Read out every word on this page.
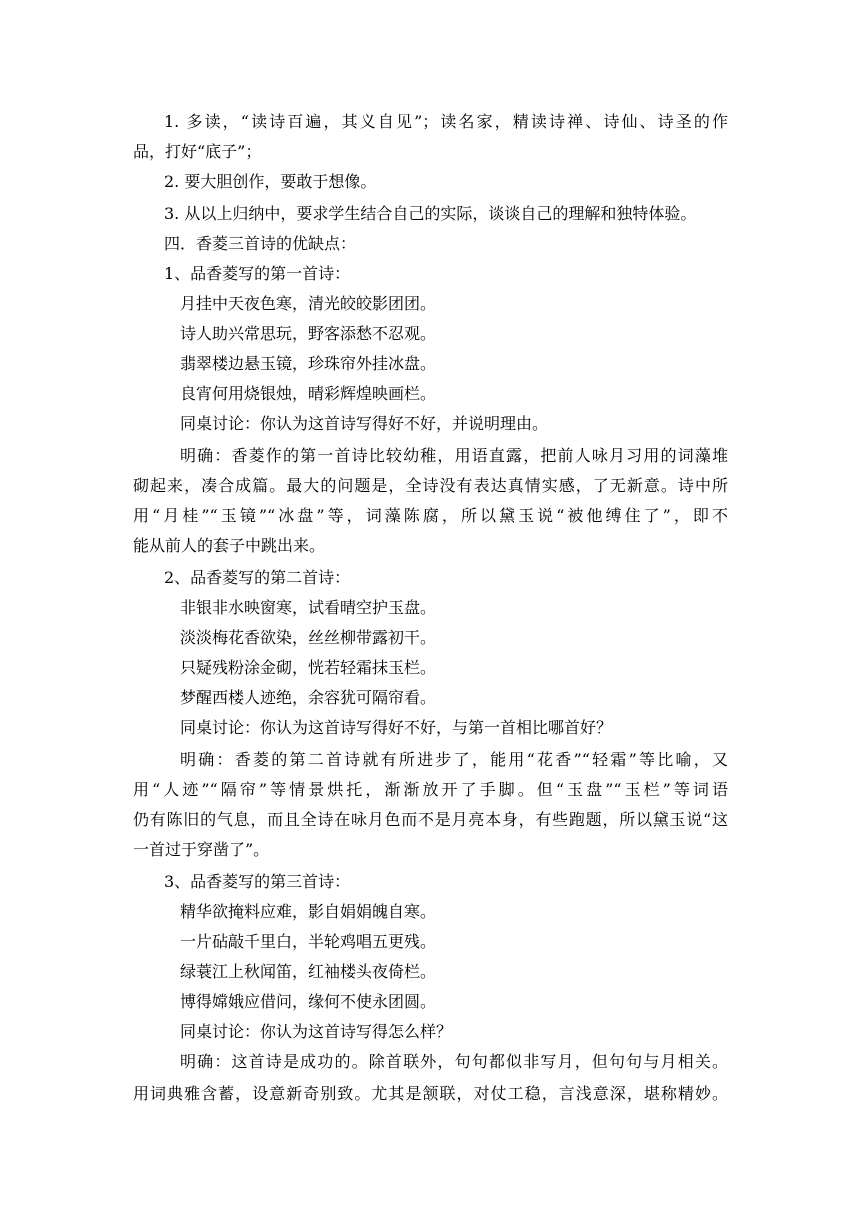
1. 多读，“读诗百遍，其义自见”；读名家，精读诗禅、诗仙、诗圣的作
品，打好“底子”；
2. 要大胆创作，要敢于想像。
3. 从以上归纳中，要求学生结合自己的实际，谈谈自己的理解和独特体验。
四．香菱三首诗的优缺点：
1、品香菱写的第一首诗：
月挂中天夜色寒，清光皎皎影团团。
诗人助兴常思玩，野客添愁不忍观。
翡翠楼边悬玉镜，珍珠帘外挂冰盘。
良宵何用烧银烛，晴彩辉煌映画栏。
同桌讨论：你认为这首诗写得好不好，并说明理由。
明确：香菱作的第一首诗比较幼稚，用语直露，把前人咏月习用的词藻堆
砌起来，凑合成篇。最大的问题是，全诗没有表达真情实感，了无新意。诗中所
用“月桂”“玉镜”“冰盘”等，词藻陈腐，所以黛玉说“被他缚住了”，即不
能从前人的套子中跳出来。
2、品香菱写的第二首诗：
非银非水映窗寒，试看晴空护玉盘。
淡淡梅花香欲染，丝丝柳带露初干。
只疑残粉涂金砌，恍若轻霜抹玉栏。
梦醒西楼人迹绝，余容犹可隔帘看。
同桌讨论：你认为这首诗写得好不好，与第一首相比哪首好？
明确：香菱的第二首诗就有所进步了，能用“花香”“轻霜”等比喻，又
用“人迹”“隔帘”等情景烘托，渐渐放开了手脚。但“玉盘”“玉栏”等词语
仍有陈旧的气息，而且全诗在咏月色而不是月亮本身，有些跑题，所以黛玉说“这
一首过于穿凿了”。
3、品香菱写的第三首诗：
精华欲掩料应难，影自娟娟魄自寒。
一片砧敲千里白，半轮鸡唱五更残。
绿蓑江上秋闻笛，红袖楼头夜倚栏。
博得嫦娥应借问，缘何不使永团圆。
同桌讨论：你认为这首诗写得怎么样？
明确：这首诗是成功的。除首联外，句句都似非写月，但句句与月相关。
用词典雅含蓄，设意新奇别致。尤其是颔联，对仗工稳，言浅意深，堪称精妙。
